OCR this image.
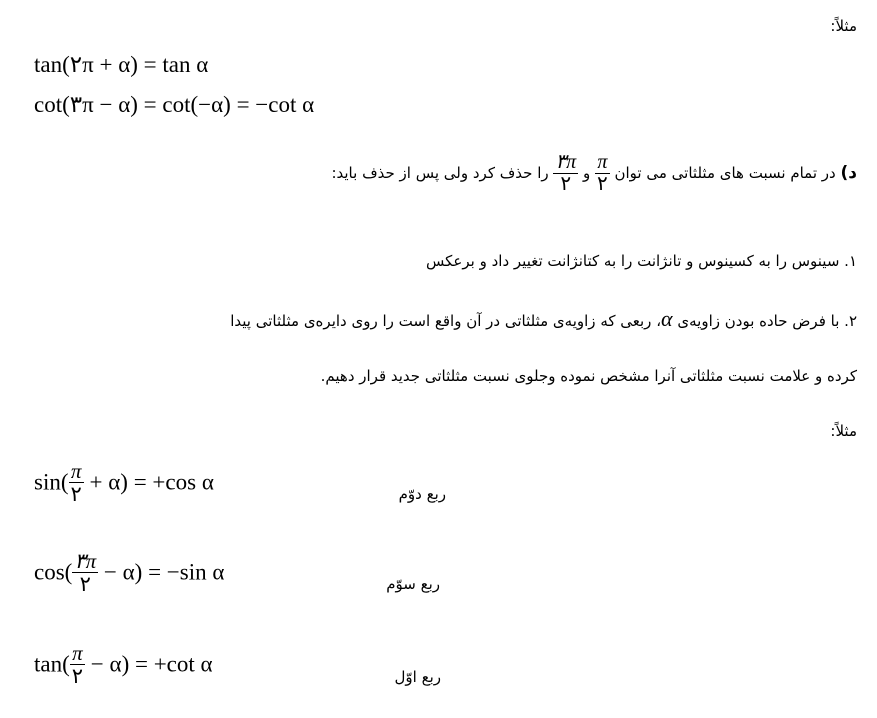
مثلاً:
tan(۲π + α) = tan α
cot(۳π − α) = cot(−α) = −cot α
د) در تمام نسبت های مثلثاتی می توان
$\frac{\pi}{۲}$
و
$\frac{۳\pi}{۲}$
را حذف کرد ولی پس از حذف باید:
۱. سینوس را به کسینوس و تانژانت را به کتانژانت تغییر داد و برعکس
۲. با فرض حاده بودن زاویه‌ی α، ربعی که زاویه‌ی مثلثاتی در آن واقع است را روی دایره‌ی مثلثاتی پیدا
کرده و علامت نسبت مثلثاتی آنرا مشخص نموده وجلوی نسبت مثلثاتی جدید قرار دهیم.
مثلاً:
$\sin( \frac{\pi}{۲} + \alpha) = +\cos$ α	ربع دوّم
$\cos( \frac{۳\pi}{۲} - \alpha) = -\sin$ α	ربع سوّم
$\tan( \frac{\pi}{۲} - \alpha) = +\cot$ α
ربع اوّل
